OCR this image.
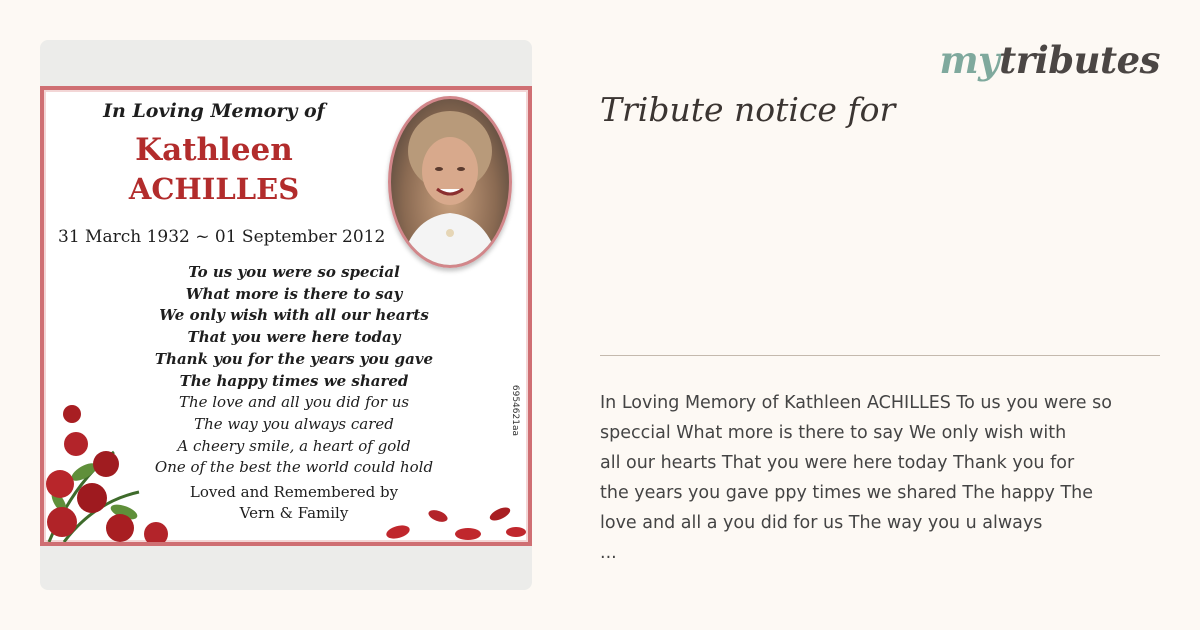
In Loving Memory of
Kathleen
ACHILLES
31 March 1932 ~ 01 September 2012
To us you were so special
What more is there to say
We only wish with all our hearts
That you were here today
Thank you for the years you gave
The happy times we shared
The love and all you did for us
The way you always cared
A cheery smile, a heart of gold
One of the best the world could hold
Loved and Remembered by
Vern & Family
6954621aa
mytributes
Tribute notice for
In Loving Memory of Kathleen ACHILLES To us you were so
speccial What more is there to say We only wish with
all our hearts That you were here today Thank you for
the years you gave ppy times we shared The happy The
love and all a you did for us The way you u always
...
